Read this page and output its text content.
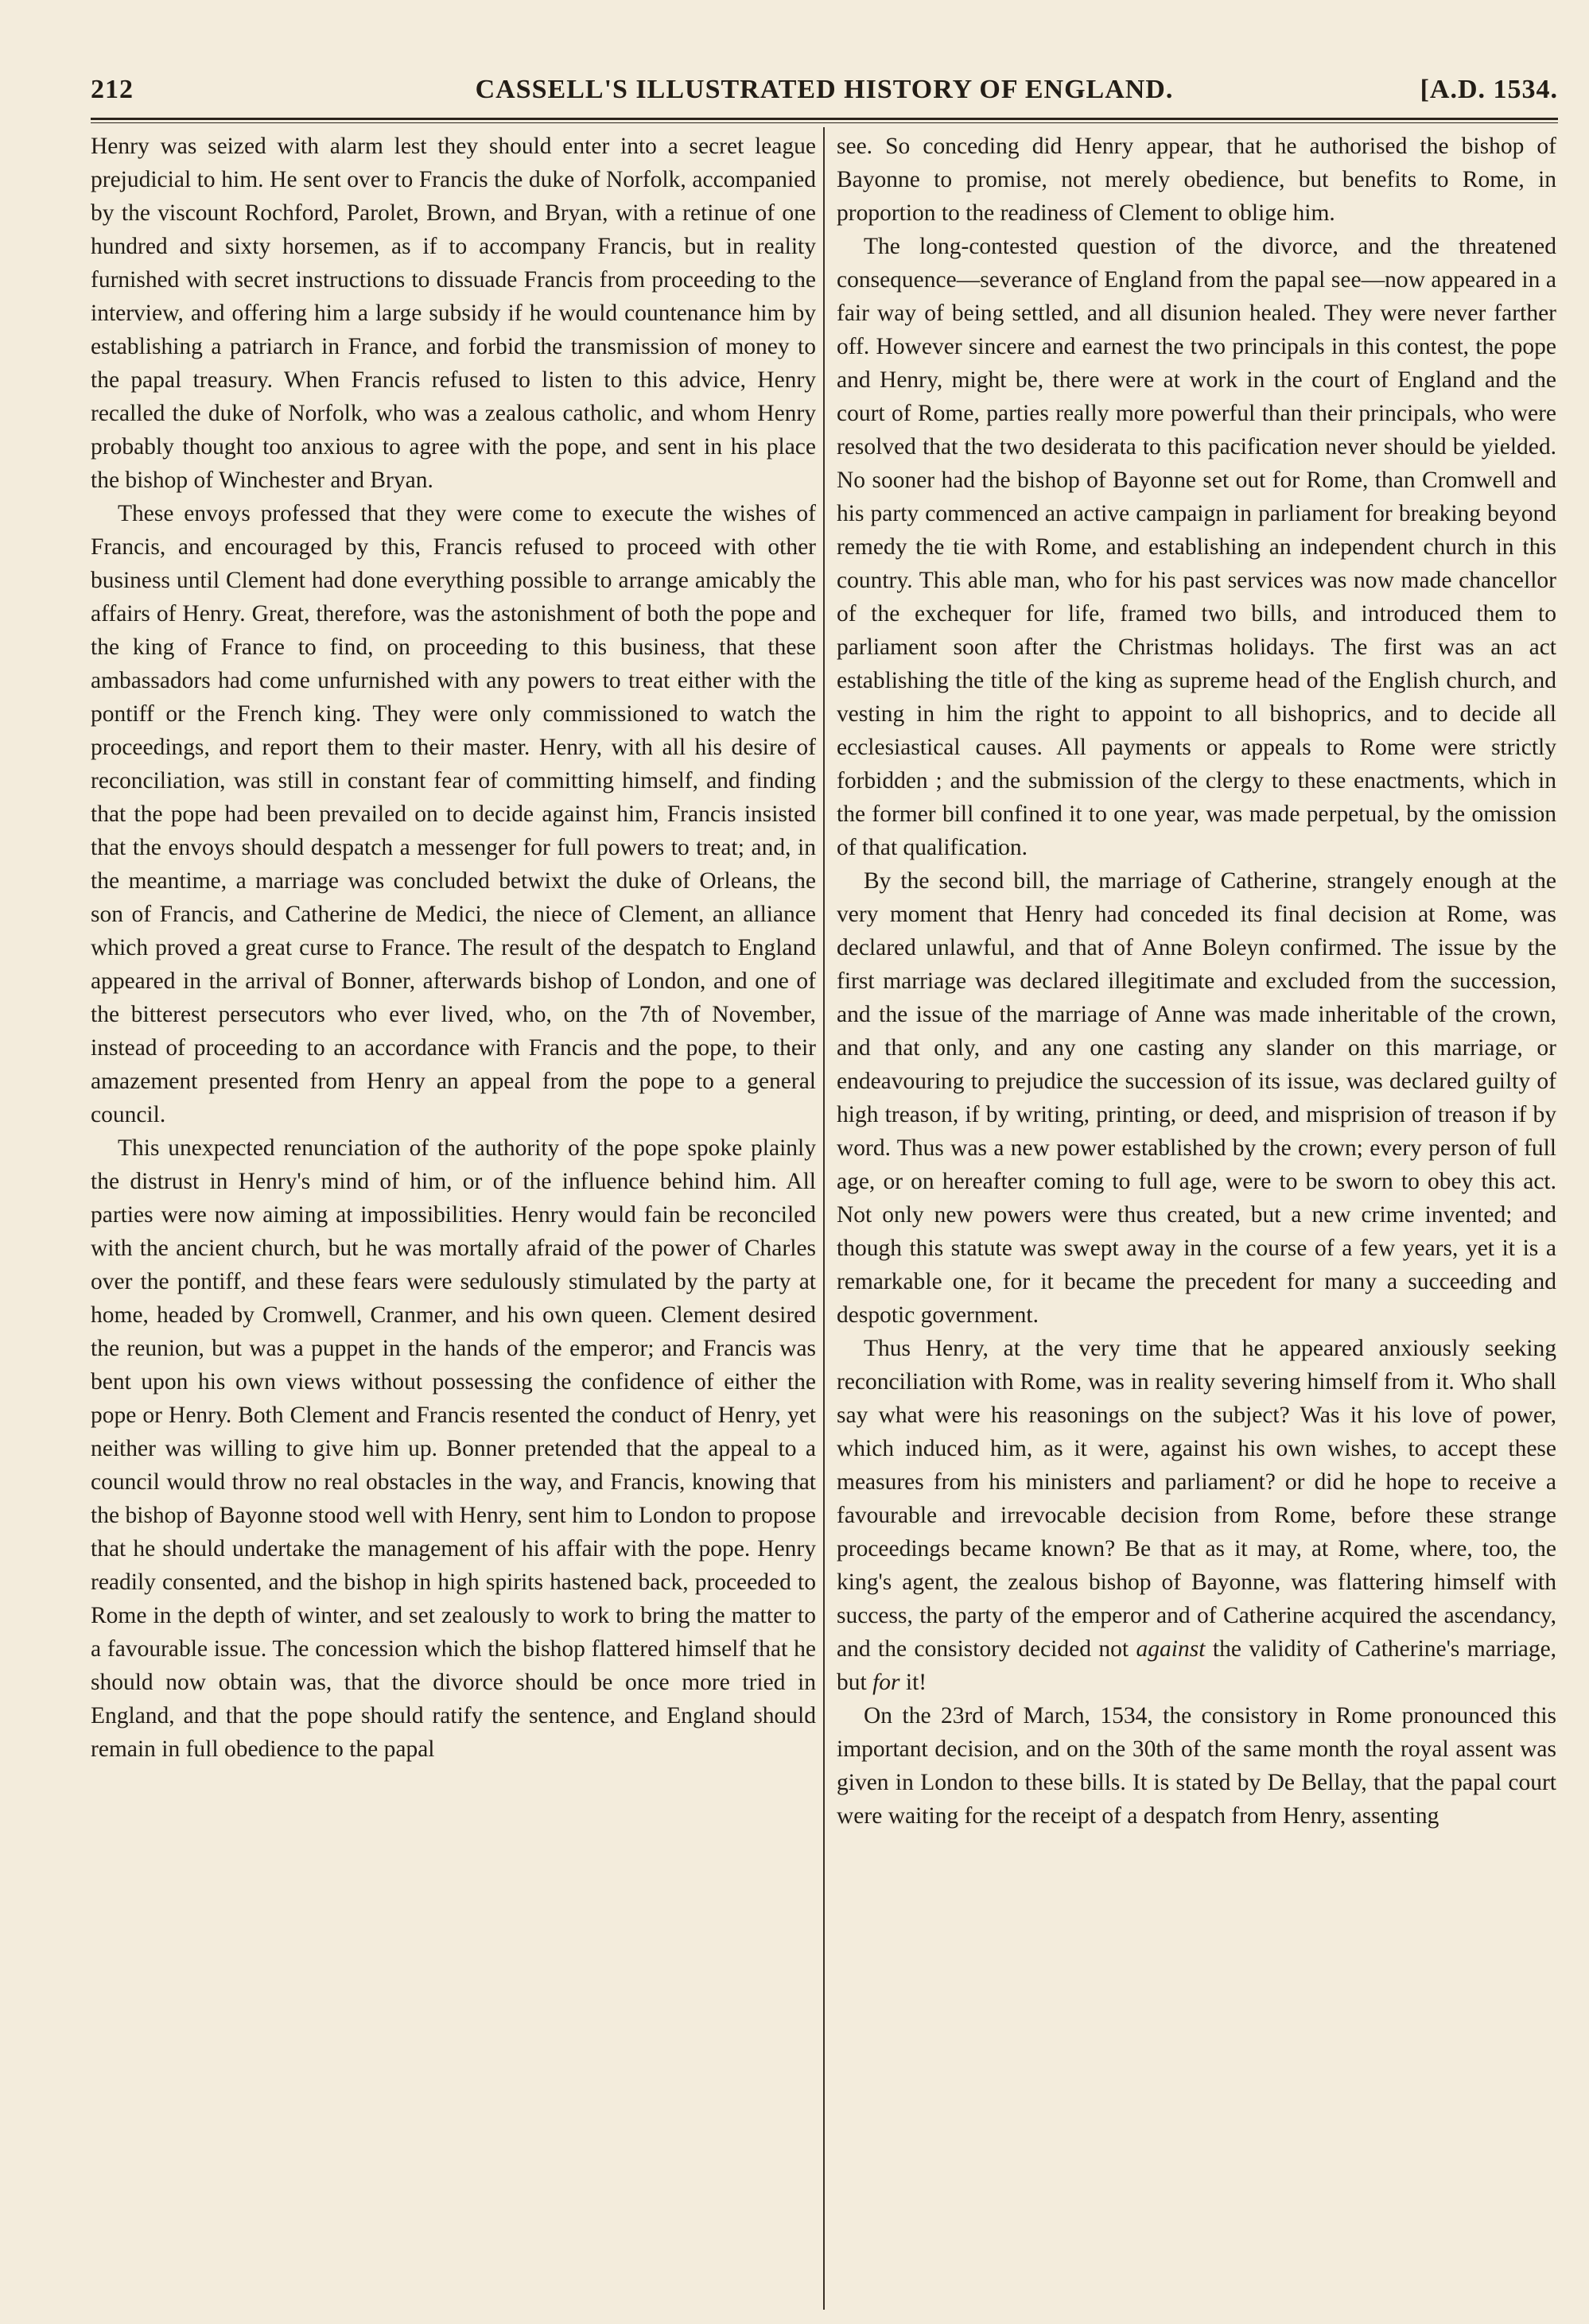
212	CASSELL'S ILLUSTRATED HISTORY OF ENGLAND.	[A.D. 1534.

Henry was seized with alarm lest they should enter into a secret league prejudicial to him. He sent over to Francis the duke of Norfolk, accompanied by the viscount Rochford, Parolet, Brown, and Bryan, with a retinue of one hundred and sixty horsemen, as if to accompany Francis, but in reality furnished with secret instructions to dissuade Francis from proceeding to the interview, and offering him a large subsidy if he would countenance him by establishing a patriarch in France, and forbid the transmission of money to the papal treasury. When Francis refused to listen to this advice, Henry recalled the duke of Norfolk, who was a zealous catholic, and whom Henry probably thought too anxious to agree with the pope, and sent in his place the bishop of Winchester and Bryan.

These envoys professed that they were come to execute the wishes of Francis, and encouraged by this, Francis refused to proceed with other business until Clement had done everything possible to arrange amicably the affairs of Henry. Great, therefore, was the astonishment of both the pope and the king of France to find, on proceeding to this business, that these ambassadors had come unfurnished with any powers to treat either with the pontiff or the French king. They were only commissioned to watch the proceedings, and report them to their master. Henry, with all his desire of reconciliation, was still in constant fear of committing himself, and finding that the pope had been prevailed on to decide against him, Francis insisted that the envoys should despatch a messenger for full powers to treat; and, in the meantime, a marriage was concluded betwixt the duke of Orleans, the son of Francis, and Catherine de Medici, the niece of Clement, an alliance which proved a great curse to France. The result of the despatch to England appeared in the arrival of Bonner, afterwards bishop of London, and one of the bitterest persecutors who ever lived, who, on the 7th of November, instead of proceeding to an accordance with Francis and the pope, to their amazement presented from Henry an appeal from the pope to a general council.

This unexpected renunciation of the authority of the pope spoke plainly the distrust in Henry's mind of him, or of the influence behind him. All parties were now aiming at impossibilities. Henry would fain be reconciled with the ancient church, but he was mortally afraid of the power of Charles over the pontiff, and these fears were sedulously stimulated by the party at home, headed by Cromwell, Cranmer, and his own queen. Clement desired the reunion, but was a puppet in the hands of the emperor; and Francis was bent upon his own views without possessing the confidence of either the pope or Henry. Both Clement and Francis resented the conduct of Henry, yet neither was willing to give him up. Bonner pretended that the appeal to a council would throw no real obstacles in the way, and Francis, knowing that the bishop of Bayonne stood well with Henry, sent him to London to propose that he should undertake the management of his affair with the pope. Henry readily consented, and the bishop in high spirits hastened back, proceeded to Rome in the depth of winter, and set zealously to work to bring the matter to a favourable issue. The concession which the bishop flattered himself that he should now obtain was, that the divorce should be once more tried in England, and that the pope should ratify the sentence, and England should remain in full obedience to the papal

see. So conceding did Henry appear, that he authorised the bishop of Bayonne to promise, not merely obedience, but benefits to Rome, in proportion to the readiness of Clement to oblige him.

The long-contested question of the divorce, and the threatened consequence—severance of England from the papal see—now appeared in a fair way of being settled, and all disunion healed. They were never farther off. However sincere and earnest the two principals in this contest, the pope and Henry, might be, there were at work in the court of England and the court of Rome, parties really more powerful than their principals, who were resolved that the two desiderata to this pacification never should be yielded. No sooner had the bishop of Bayonne set out for Rome, than Cromwell and his party commenced an active campaign in parliament for breaking beyond remedy the tie with Rome, and establishing an independent church in this country. This able man, who for his past services was now made chancellor of the exchequer for life, framed two bills, and introduced them to parliament soon after the Christmas holidays. The first was an act establishing the title of the king as supreme head of the English church, and vesting in him the right to appoint to all bishoprics, and to decide all ecclesiastical causes. All payments or appeals to Rome were strictly forbidden ; and the submission of the clergy to these enactments, which in the former bill confined it to one year, was made perpetual, by the omission of that qualification.

By the second bill, the marriage of Catherine, strangely enough at the very moment that Henry had conceded its final decision at Rome, was declared unlawful, and that of Anne Boleyn confirmed. The issue by the first marriage was declared illegitimate and excluded from the succession, and the issue of the marriage of Anne was made inheritable of the crown, and that only, and any one casting any slander on this marriage, or endeavouring to prejudice the succession of its issue, was declared guilty of high treason, if by writing, printing, or deed, and misprision of treason if by word. Thus was a new power established by the crown; every person of full age, or on hereafter coming to full age, were to be sworn to obey this act. Not only new powers were thus created, but a new crime invented; and though this statute was swept away in the course of a few years, yet it is a remarkable one, for it became the precedent for many a succeeding and despotic government.

Thus Henry, at the very time that he appeared anxiously seeking reconciliation with Rome, was in reality severing himself from it. Who shall say what were his reasonings on the subject? Was it his love of power, which induced him, as it were, against his own wishes, to accept these measures from his ministers and parliament? or did he hope to receive a favourable and irrevocable decision from Rome, before these strange proceedings became known? Be that as it may, at Rome, where, too, the king's agent, the zealous bishop of Bayonne, was flattering himself with success, the party of the emperor and of Catherine acquired the ascendancy, and the consistory decided not against the validity of Catherine's marriage, but for it!

On the 23rd of March, 1534, the consistory in Rome pronounced this important decision, and on the 30th of the same month the royal assent was given in London to these bills. It is stated by De Bellay, that the papal court were waiting for the receipt of a despatch from Henry, assenting
